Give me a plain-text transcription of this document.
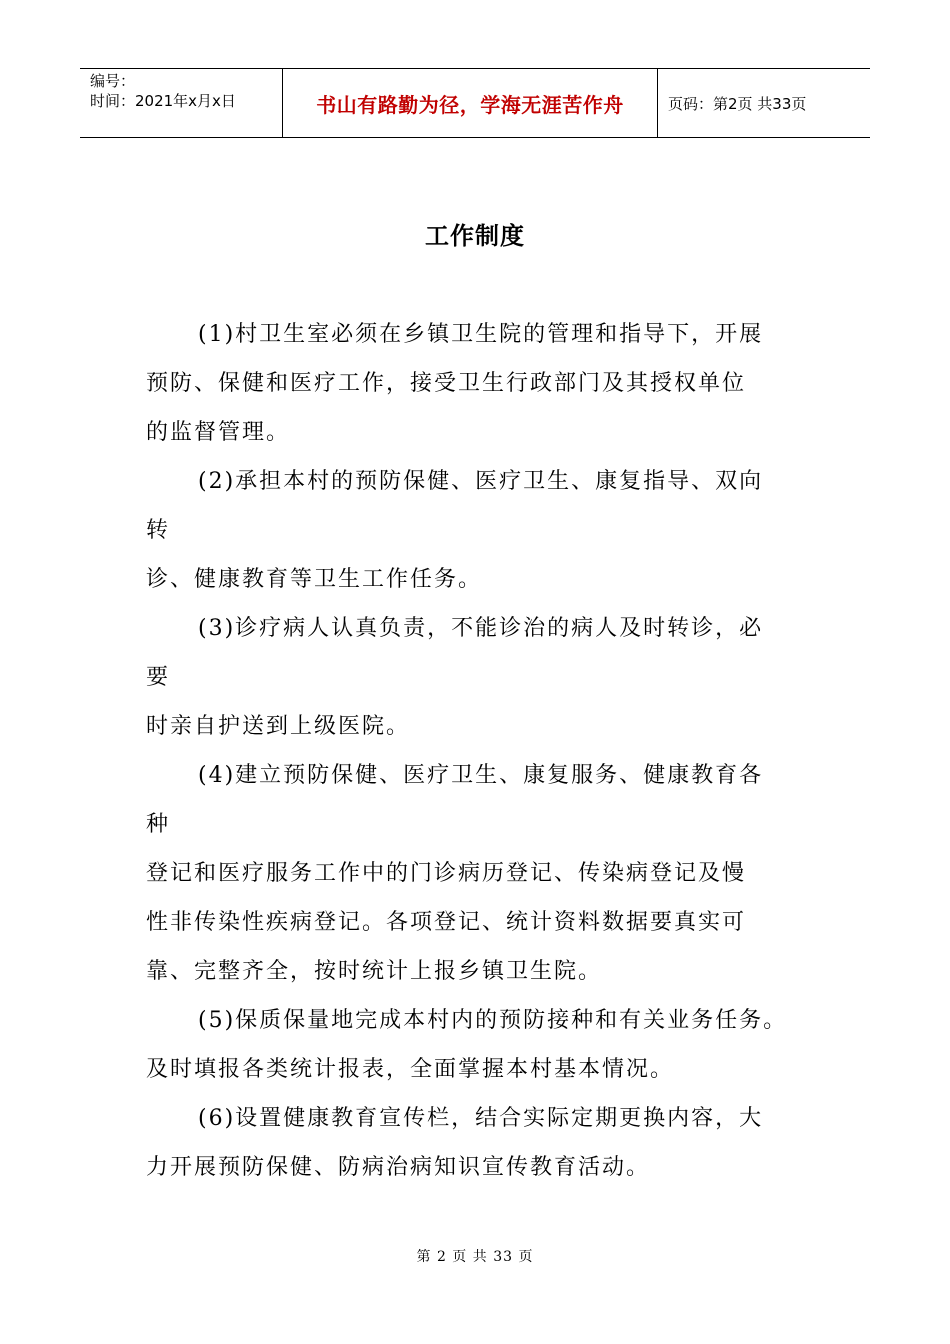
编号：
时间：2021年x月x日	书山有路勤为径，学海无涯苦作舟	页码：第2页 共33页
工作制度
(1)村卫生室必须在乡镇卫生院的管理和指导下，开展
预防、保健和医疗工作，接受卫生行政部门及其授权单位
的监督管理。
(2)承担本村的预防保健、医疗卫生、康复指导、双向
转
诊、健康教育等卫生工作任务。
(3)诊疗病人认真负责，不能诊治的病人及时转诊，必
要
时亲自护送到上级医院。
(4)建立预防保健、医疗卫生、康复服务、健康教育各
种
登记和医疗服务工作中的门诊病历登记、传染病登记及慢
性非传染性疾病登记。各项登记、统计资料数据要真实可
靠、完整齐全，按时统计上报乡镇卫生院。
(5)保质保量地完成本村内的预防接种和有关业务任务。
及时填报各类统计报表，全面掌握本村基本情况。
(6)设置健康教育宣传栏，结合实际定期更换内容，大
力开展预防保健、防病治病知识宣传教育活动。
第 2 页 共 33 页
